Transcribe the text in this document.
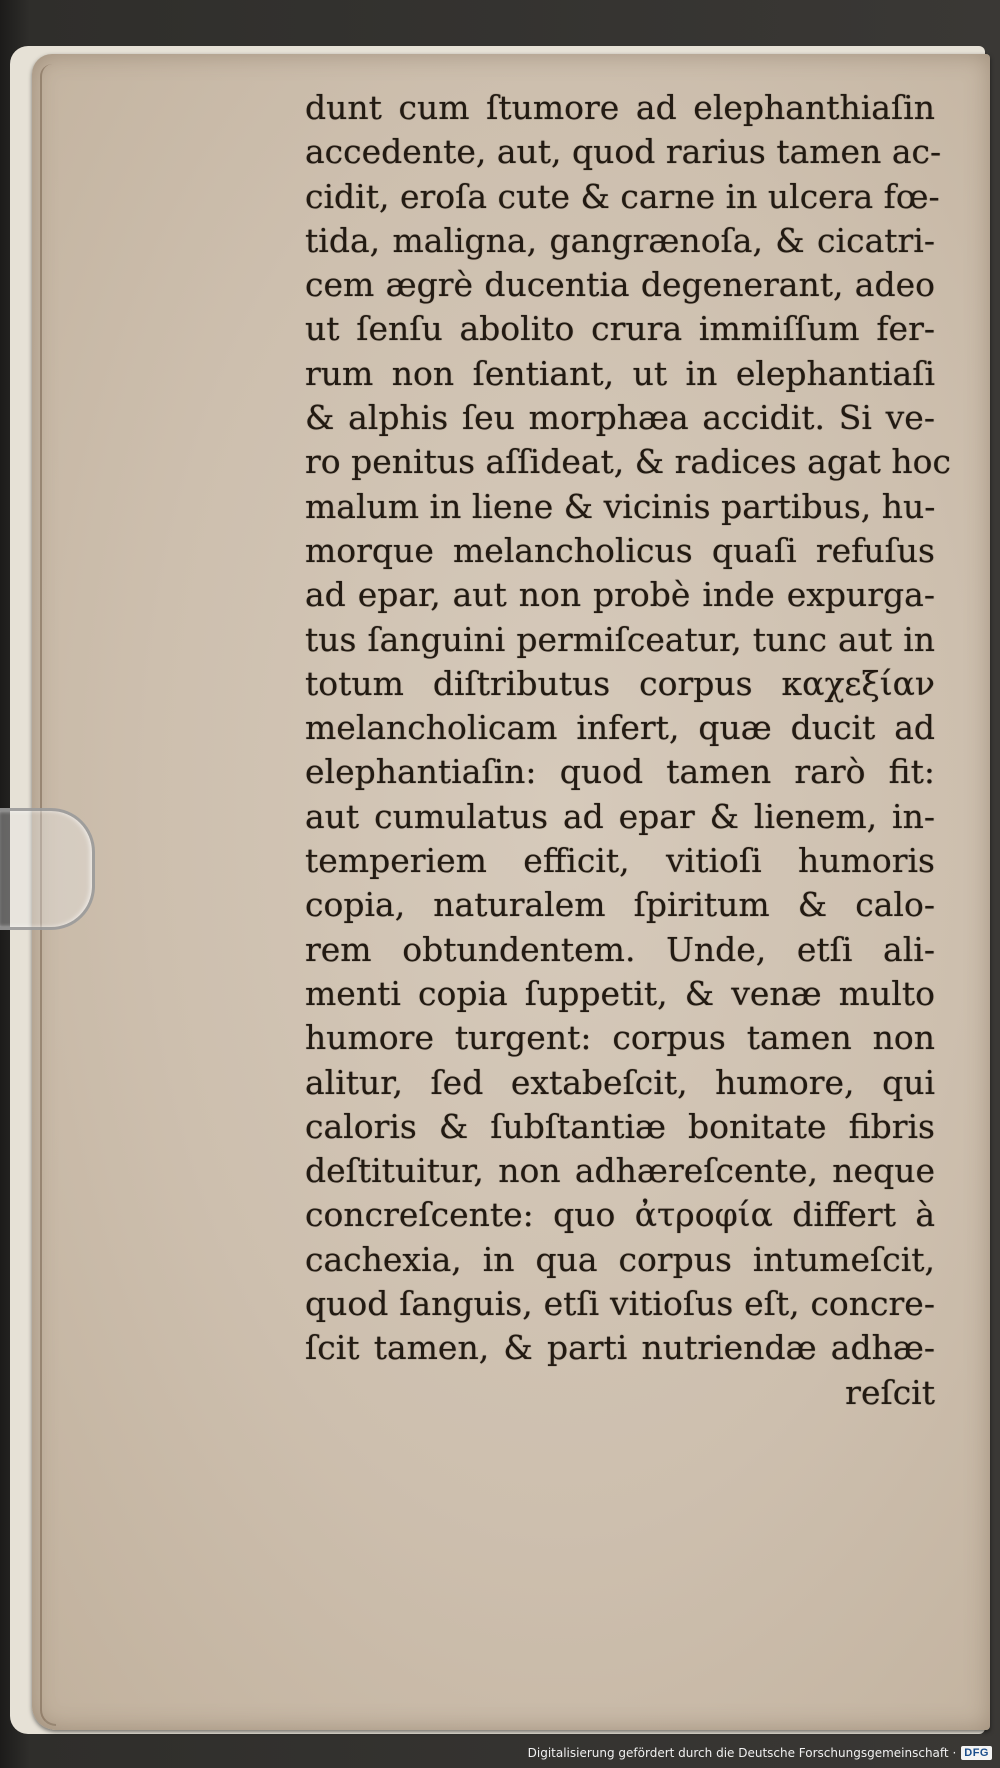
dunt cum ſtumore ad elephanthiaſin
accedente, aut, quod rarius tamen ac-
cidit, eroſa cute & carne in ulcera fœ-
tida, maligna, gangrænoſa, & cicatri-
cem ægrè ducentia degenerant, adeo
ut ſenſu abolito crura immiſſum fer-
rum non ſentiant, ut in elephantiaſi
& alphis ſeu morphæa accidit. Si ve-
ro penitus aſſideat, & radices agat hoc
malum in liene & vicinis partibus, hu-
morque melancholicus quaſi refuſus
ad epar, aut non probè inde expurga-
tus ſanguini permiſceatur, tunc aut in
totum diſtributus corpus καχεξίαν
melancholicam infert, quæ ducit ad
elephantiaſin: quod tamen rarò fit:
aut cumulatus ad epar & lienem, in-
temperiem efficit, vitioſi humoris
copia, naturalem ſpiritum & calo-
rem obtundentem. Unde, etſi ali-
menti copia ſuppetit, & venæ multo
humore turgent: corpus tamen non
alitur, ſed extabeſcit, humore, qui
caloris & ſubſtantiæ bonitate fibris
deſtituitur, non adhæreſcente, neque
concreſcente: quo ἀτροφία differt à
cachexia, in qua corpus intumeſcit,
quod ſanguis, etſi vitioſus eſt, concre-
ſcit tamen, & parti nutriendæ adhæ-
reſcit
Digitalisierung gefördert durch die Deutsche Forschungsgemeinschaft · DFG
